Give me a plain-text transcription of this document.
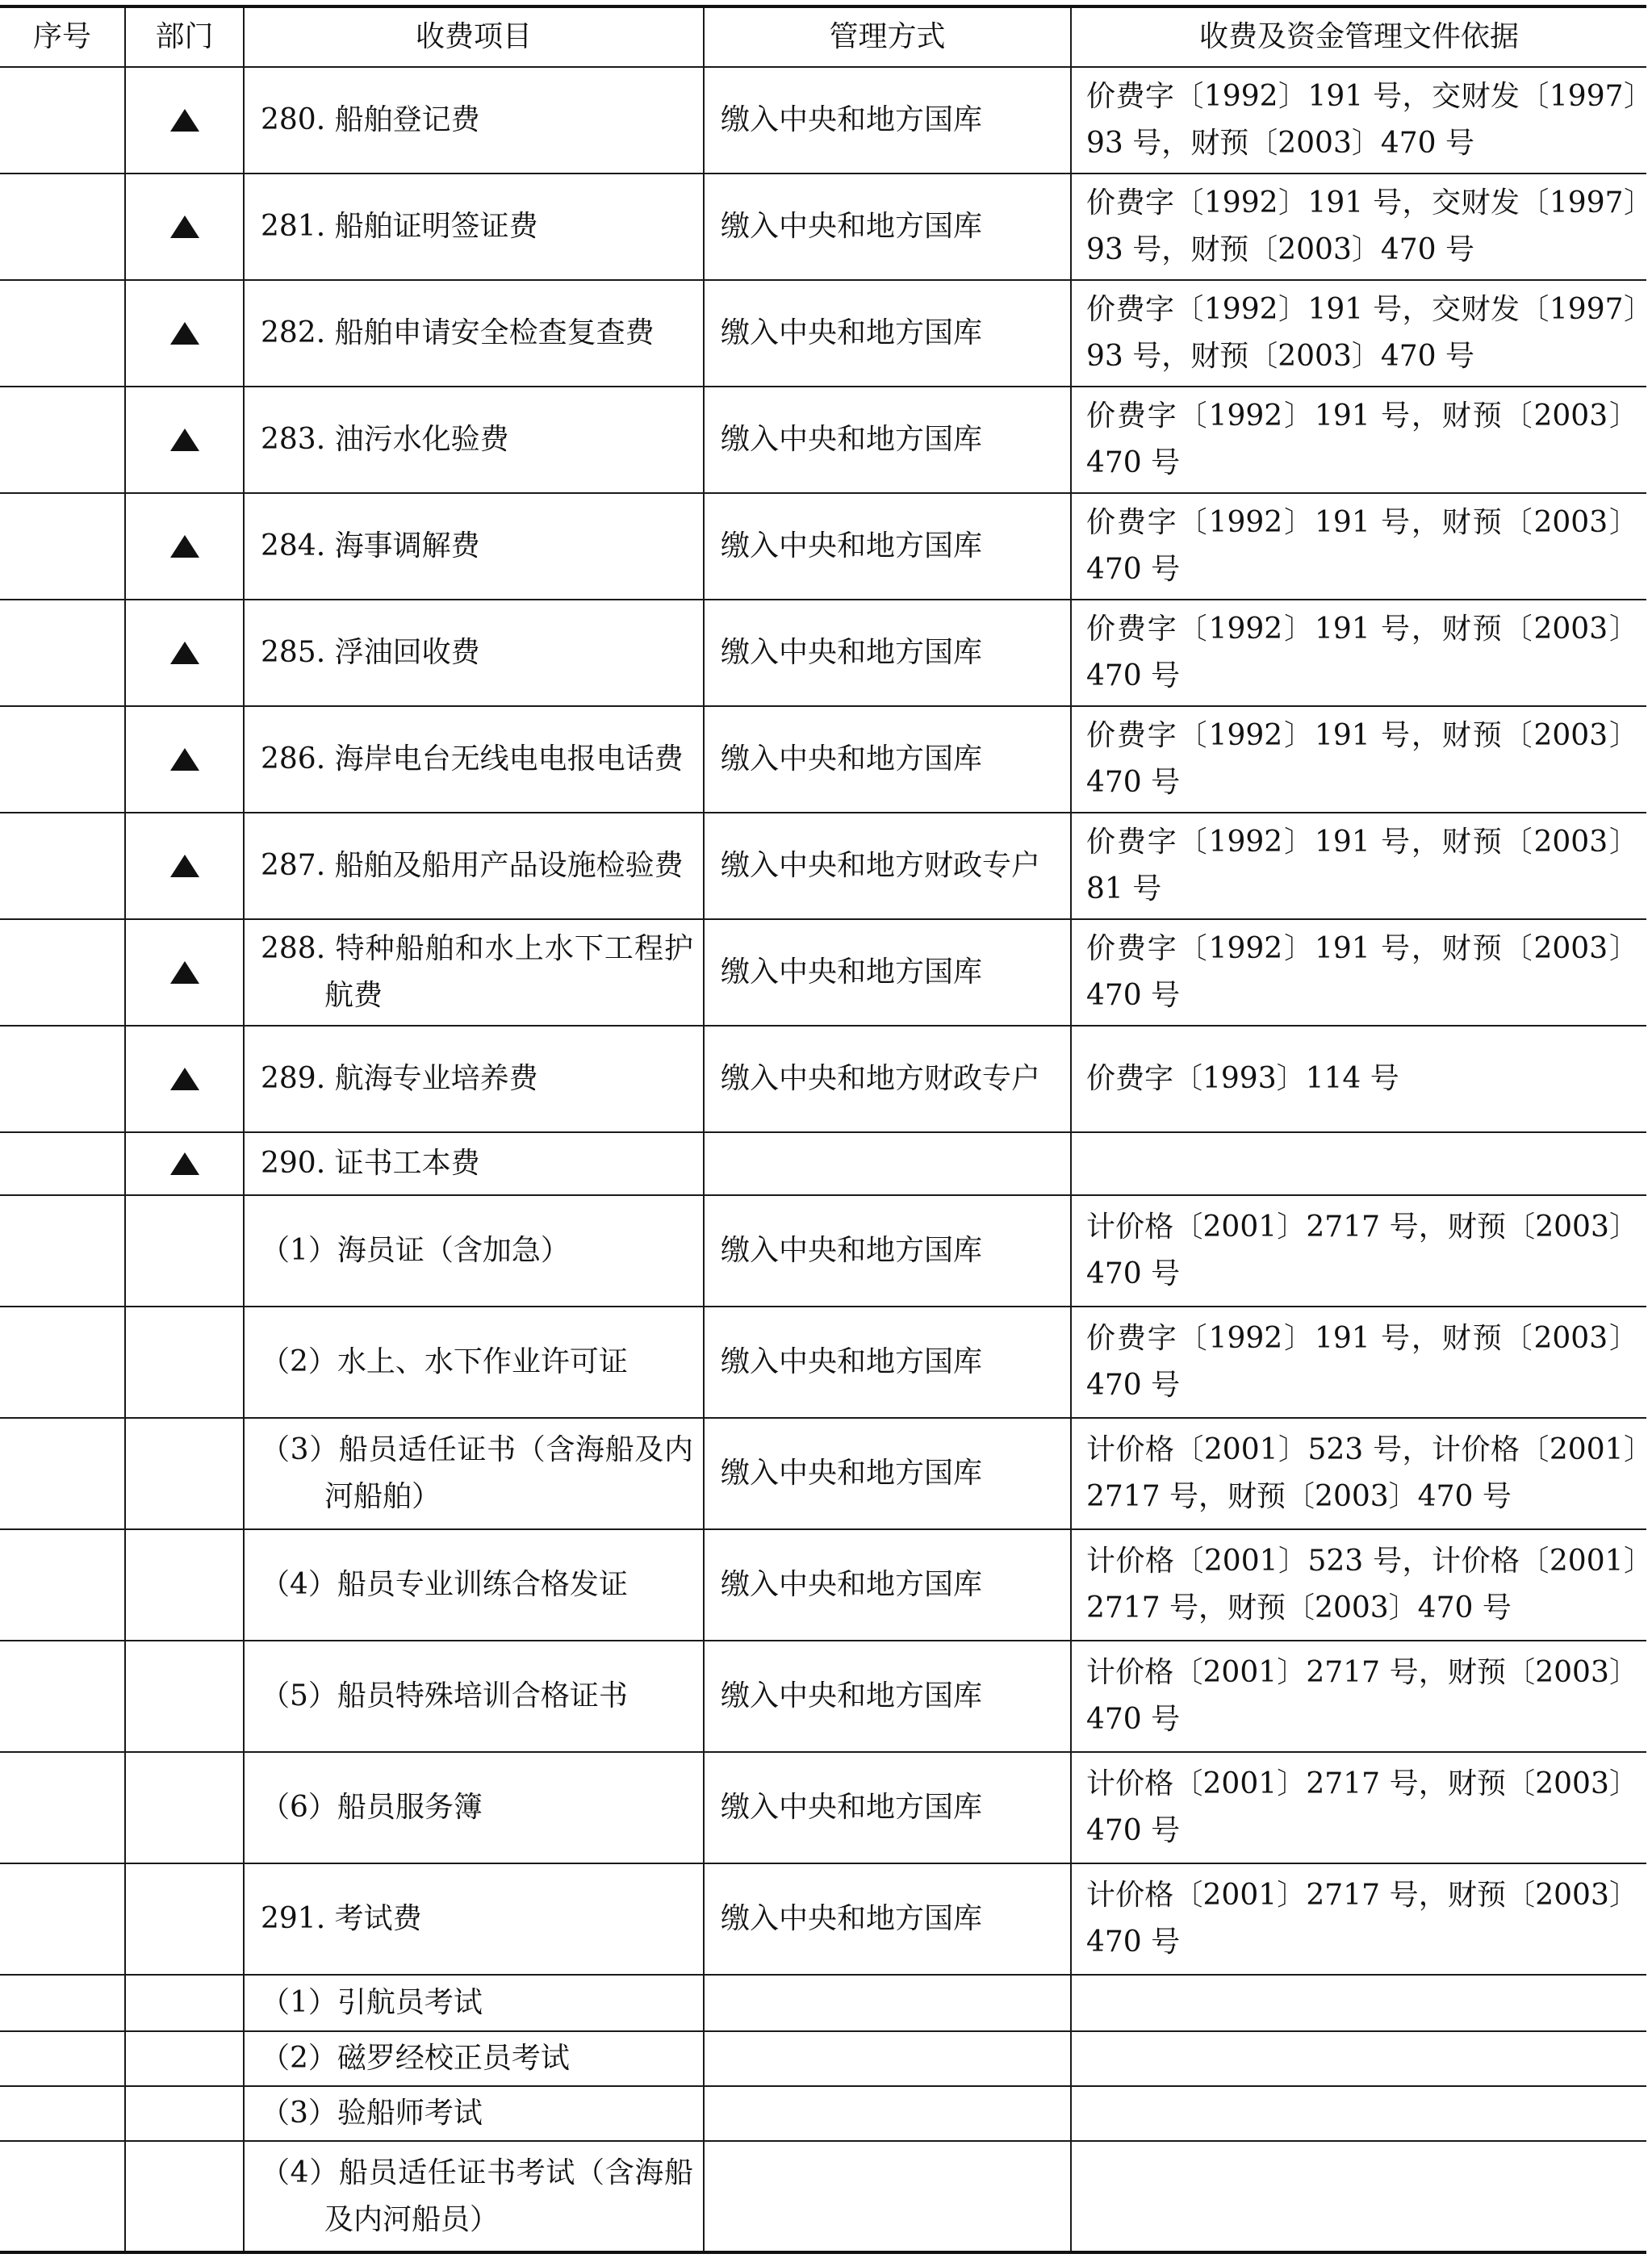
序号	部门	收费项目	管理方式	收费及资金管理文件依据

		280. 船舶登记费	缴入中央和地方国库	价费字〔1992〕191 号，交财发〔1997〕93 号，财预〔2003〕470 号

		281. 船舶证明签证费	缴入中央和地方国库	价费字〔1992〕191 号，交财发〔1997〕93 号，财预〔2003〕470 号

		282. 船舶申请安全检查复查费	缴入中央和地方国库	价费字〔1992〕191 号，交财发〔1997〕93 号，财预〔2003〕470 号

		283. 油污水化验费	缴入中央和地方国库	价费字〔1992〕191 号，财预〔2003〕470 号

		284. 海事调解费	缴入中央和地方国库	价费字〔1992〕191 号，财预〔2003〕470 号

		285. 浮油回收费	缴入中央和地方国库	价费字〔1992〕191 号，财预〔2003〕470 号

		286. 海岸电台无线电电报电话费	缴入中央和地方国库	价费字〔1992〕191 号，财预〔2003〕470 号

		287. 船舶及船用产品设施检验费	缴入中央和地方财政专户	价费字〔1992〕191 号，财预〔2003〕81 号

		288. 特种船舶和水上水下工程护航费	缴入中央和地方国库	价费字〔1992〕191 号，财预〔2003〕470 号

		289. 航海专业培养费	缴入中央和地方财政专户	价费字〔1993〕114 号

		290. 证书工本费		

		（1）海员证（含加急）	缴入中央和地方国库	计价格〔2001〕2717 号，财预〔2003〕470 号

		（2）水上、水下作业许可证	缴入中央和地方国库	价费字〔1992〕191 号，财预〔2003〕470 号

		（3）船员适任证书（含海船及内河船舶）	缴入中央和地方国库	计价格〔2001〕523 号，计价格〔2001〕2717 号，财预〔2003〕470 号

		（4）船员专业训练合格发证	缴入中央和地方国库	计价格〔2001〕523 号，计价格〔2001〕2717 号，财预〔2003〕470 号

		（5）船员特殊培训合格证书	缴入中央和地方国库	计价格〔2001〕2717 号，财预〔2003〕470 号

		（6）船员服务簿	缴入中央和地方国库	计价格〔2001〕2717 号，财预〔2003〕470 号

		291. 考试费	缴入中央和地方国库	计价格〔2001〕2717 号，财预〔2003〕470 号

		（1）引航员考试		

		（2）磁罗经校正员考试		

		（3）验船师考试		

		（4）船员适任证书考试（含海船及内河船员）		
